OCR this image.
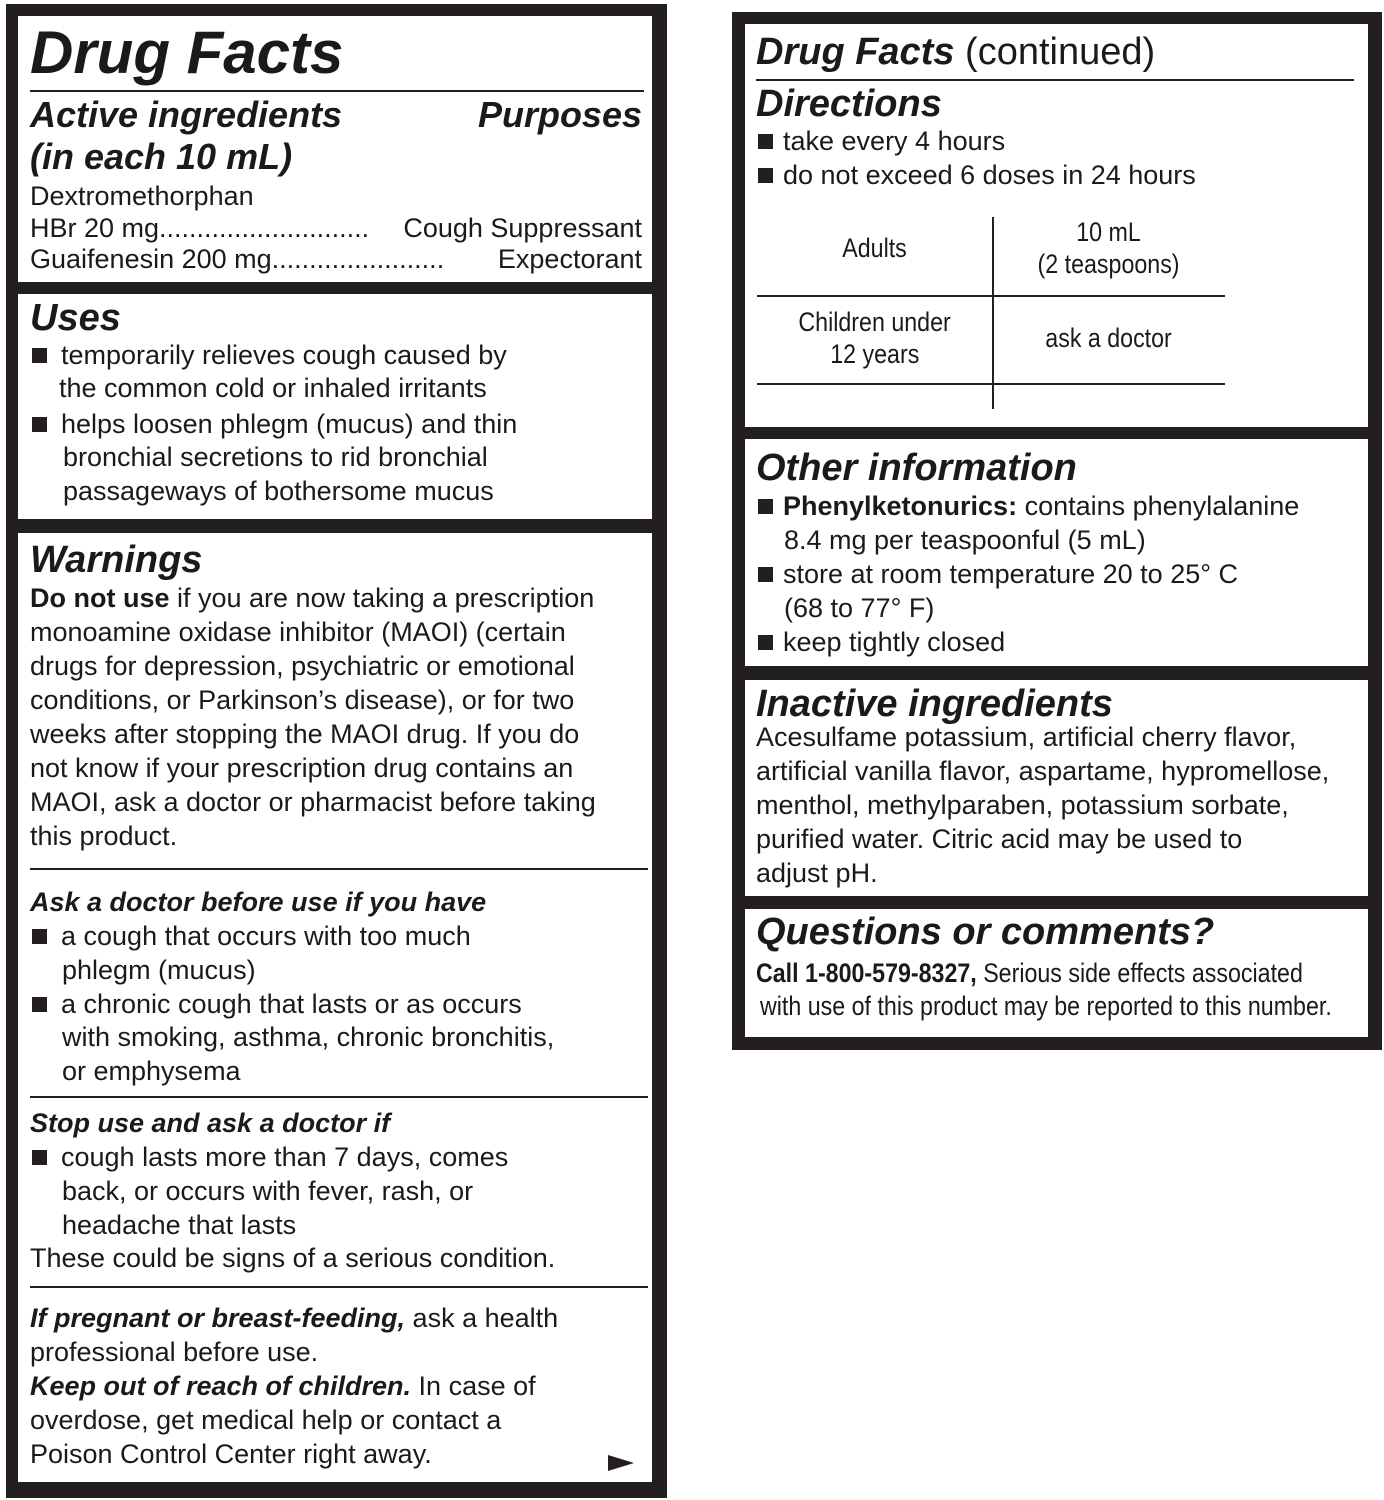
Drug Facts
Active ingredients
(in each 10 mL)
Purposes
Dextromethorphan
HBr 20 mg............................ Cough Suppressant
Guaifenesin 200 mg....................... Expectorant
Uses
temporarily relieves cough caused by
the common cold or inhaled irritants
helps loosen phlegm (mucus) and thin
bronchial secretions to rid bronchial
passageways of bothersome mucus
Warnings
Do not use if you are now taking a prescription
monoamine oxidase inhibitor (MAOI) (certain
drugs for depression, psychiatric or emotional
conditions, or Parkinson’s disease), or for two
weeks after stopping the MAOI drug. If you do
not know if your prescription drug contains an
MAOI, ask a doctor or pharmacist before taking
this product.
Ask a doctor before use if you have
a cough that occurs with too much
phlegm (mucus)
a chronic cough that lasts or as occurs
with smoking, asthma, chronic bronchitis,
or emphysema
Stop use and ask a doctor if
cough lasts more than 7 days, comes
back, or occurs with fever, rash, or
headache that lasts
These could be signs of a serious condition.
If pregnant or breast-feeding, ask a health
professional before use.
Keep out of reach of children. In case of
overdose, get medical help or contact a
Poison Control Center right away.
Drug Facts (continued)
Directions
take every 4 hours
do not exceed 6 doses in 24 hours
Adults
10 mL
(2 teaspoons)
Children under
12 years
ask a doctor
Other information
Phenylketonurics: contains phenylalanine
8.4 mg per teaspoonful (5 mL)
store at room temperature 20 to 25° C
(68 to 77° F)
keep tightly closed
Inactive ingredients
Acesulfame potassium, artificial cherry flavor,
artificial vanilla flavor, aspartame, hypromellose,
menthol, methylparaben, potassium sorbate,
purified water. Citric acid may be used to
adjust pH.
Questions or comments?
Call 1-800-579-8327, Serious side effects associated
with use of this product may be reported to this number.
